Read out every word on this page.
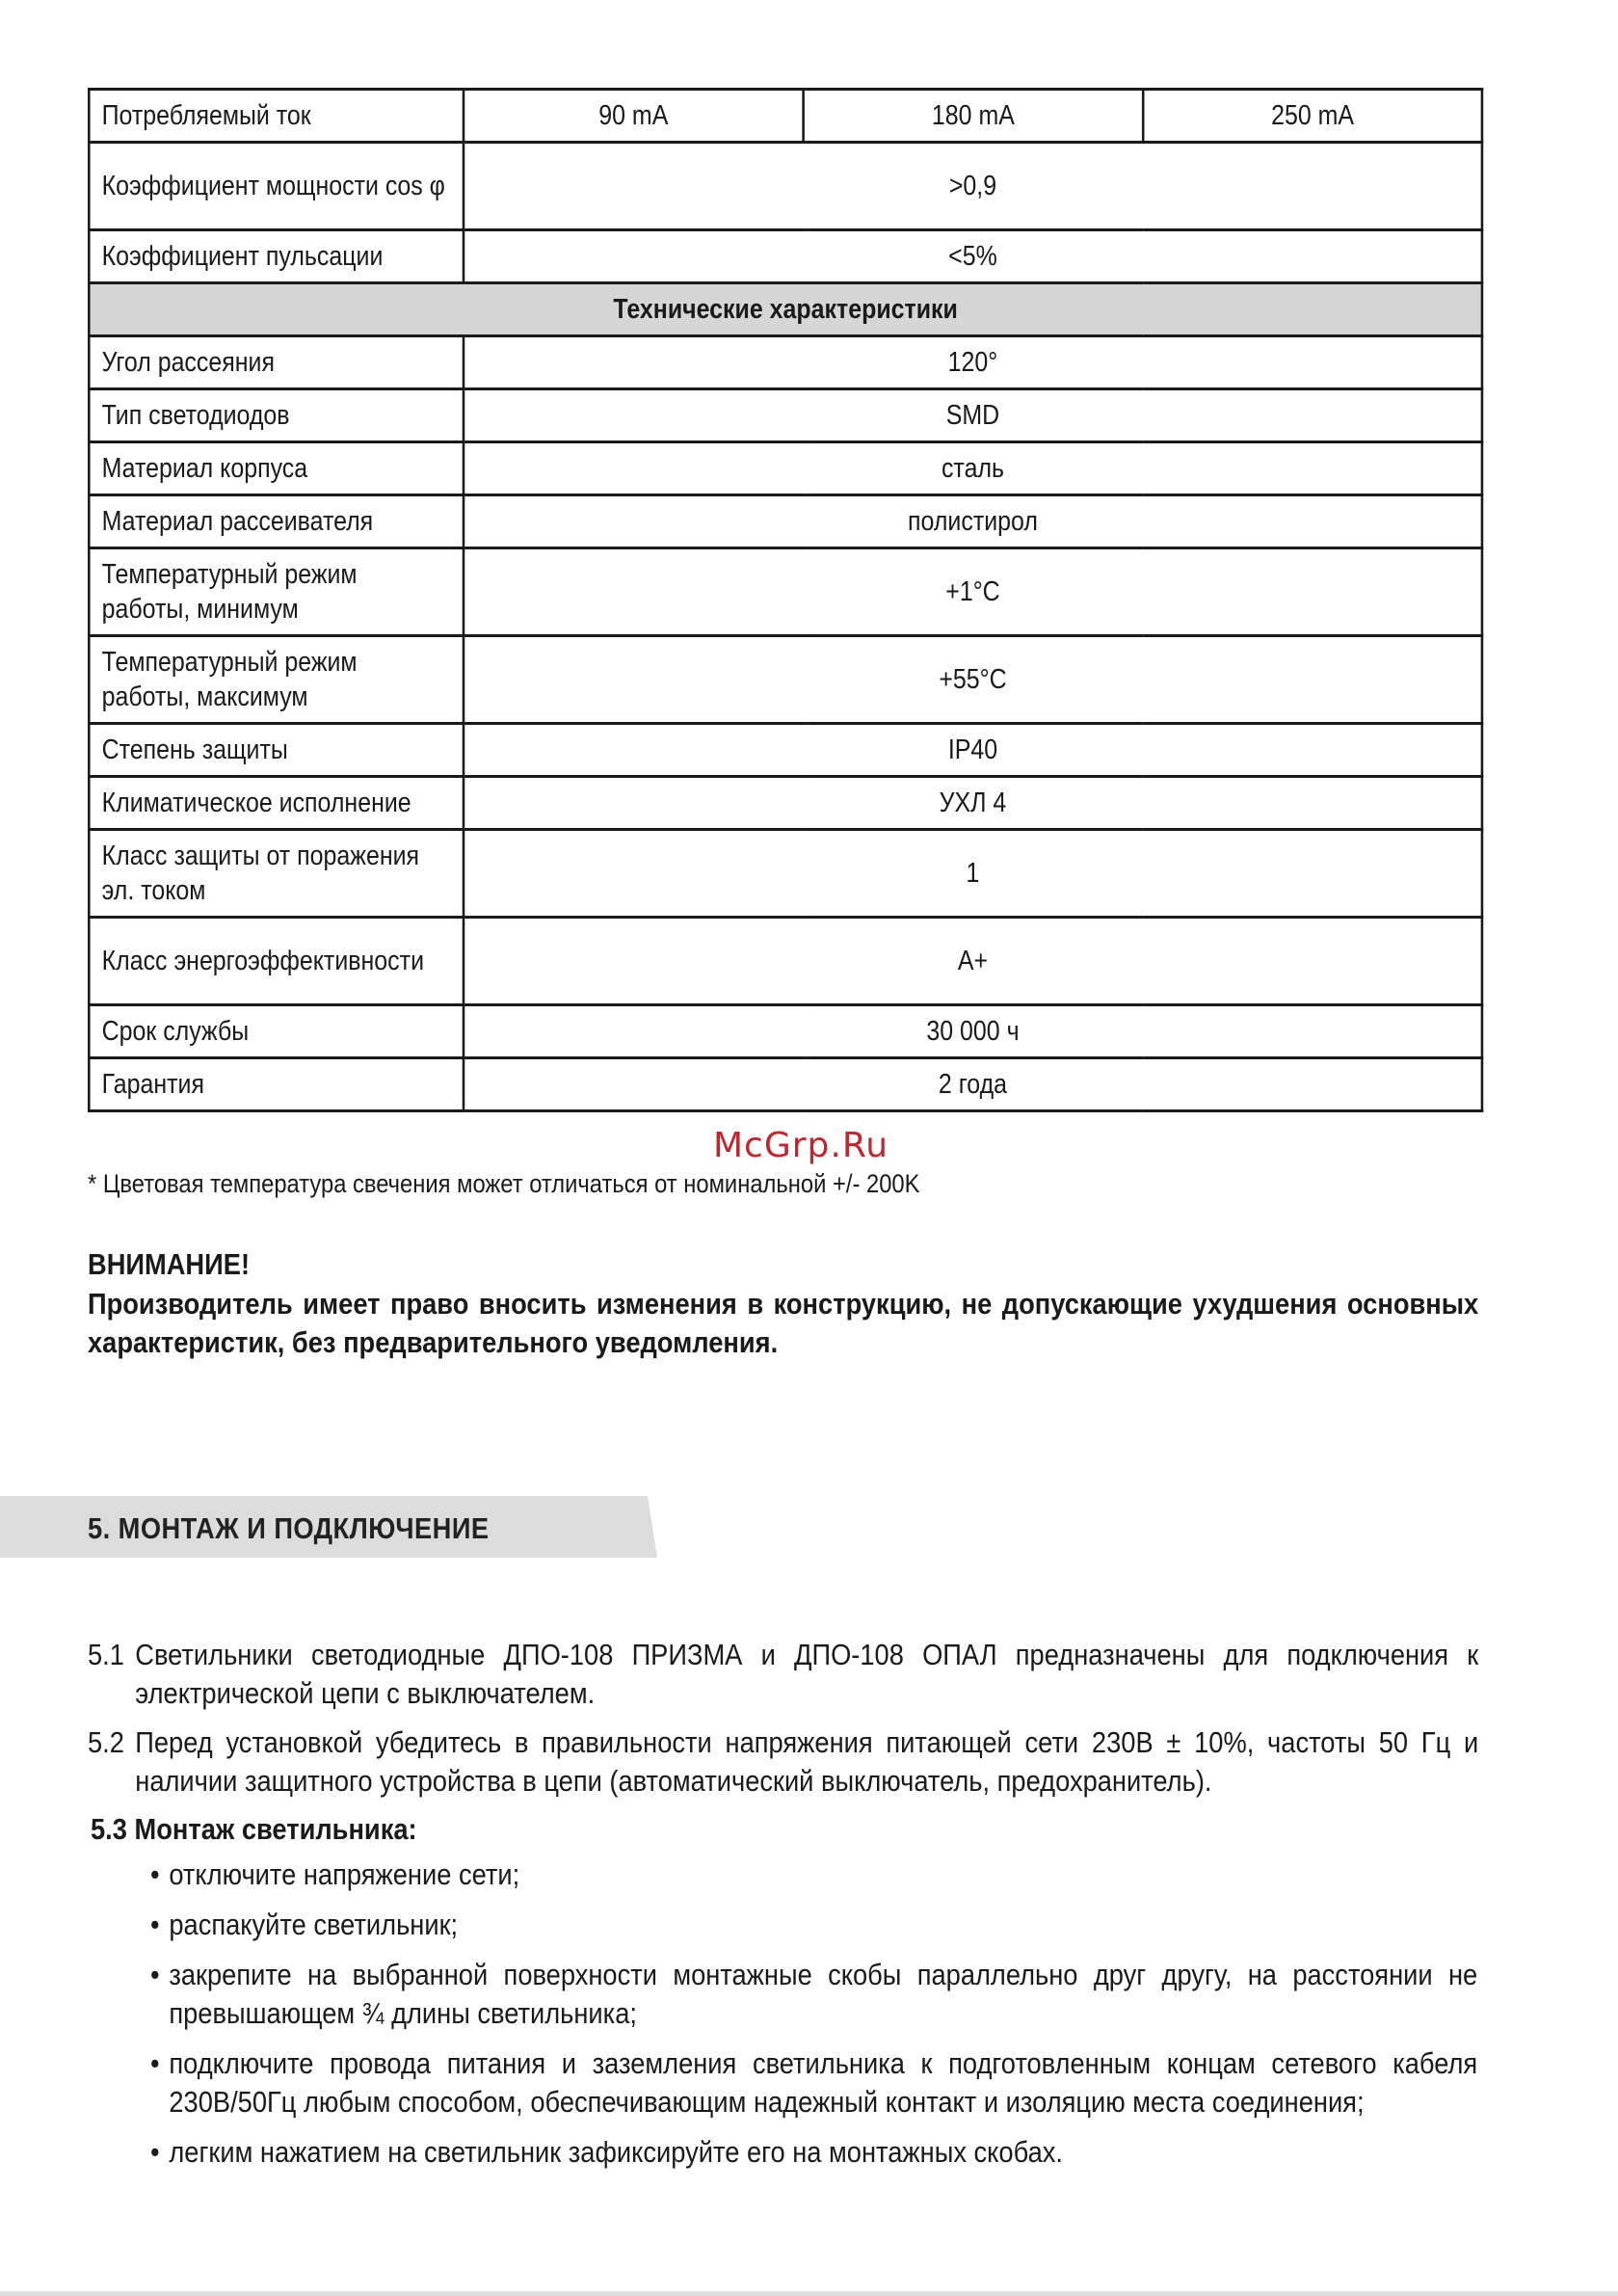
Потребляемый ток	90 mA	180 mA	250 mA
Коэффициент мощности cos φ	>0,9		
Коэффициент пульсации	<5%		
Технические характеристики			
Угол рассеяния	120°		
Тип светодиодов	SMD		
Материал корпуса	сталь		
Материал рассеивателя	полистирол		
Температурный режим работы, минимум	+1°C		
Температурный режим работы, максимум	+55°C		
Степень защиты	IP40		
Климатическое исполнение	УХЛ 4		
Класс защиты от поражения эл. током	1		
Класс энергоэффективности	А+		
Срок службы	30 000 ч		
Гарантия	2 года		
McGrp.Ru
* Цветовая температура свечения может отличаться от номинальной +/- 200K
ВНИМАНИЕ!
Производитель имеет право вносить изменения в конструкцию, не допускающие ухудшения основных характеристик, без предварительного уведомления.
5. МОНТАЖ И ПОДКЛЮЧЕНИЕ
5.1 Светильники светодиодные ДПО-108 ПРИЗМА и ДПО-108 ОПАЛ предназначены для подключения к электрической цепи с выключателем.
5.2 Перед установкой убедитесь в правильности напряжения питающей сети 230В ± 10%, частоты 50 Гц и наличии защитного устройства в цепи (автоматический выключатель, предохранитель).
5.3 Монтаж светильника:
• отключите напряжение сети;
• распакуйте светильник;
• закрепите на выбранной поверхности монтажные скобы параллельно друг другу, на расстоянии не превышающем ¾ длины светильника;
• подключите провода питания и заземления светильника к подготовленным концам сетевого кабеля 230В/50Гц любым способом, обеспечивающим надежный контакт и изоляцию места соединения;
• легким нажатием на светильник зафиксируйте его на монтажных скобах.
